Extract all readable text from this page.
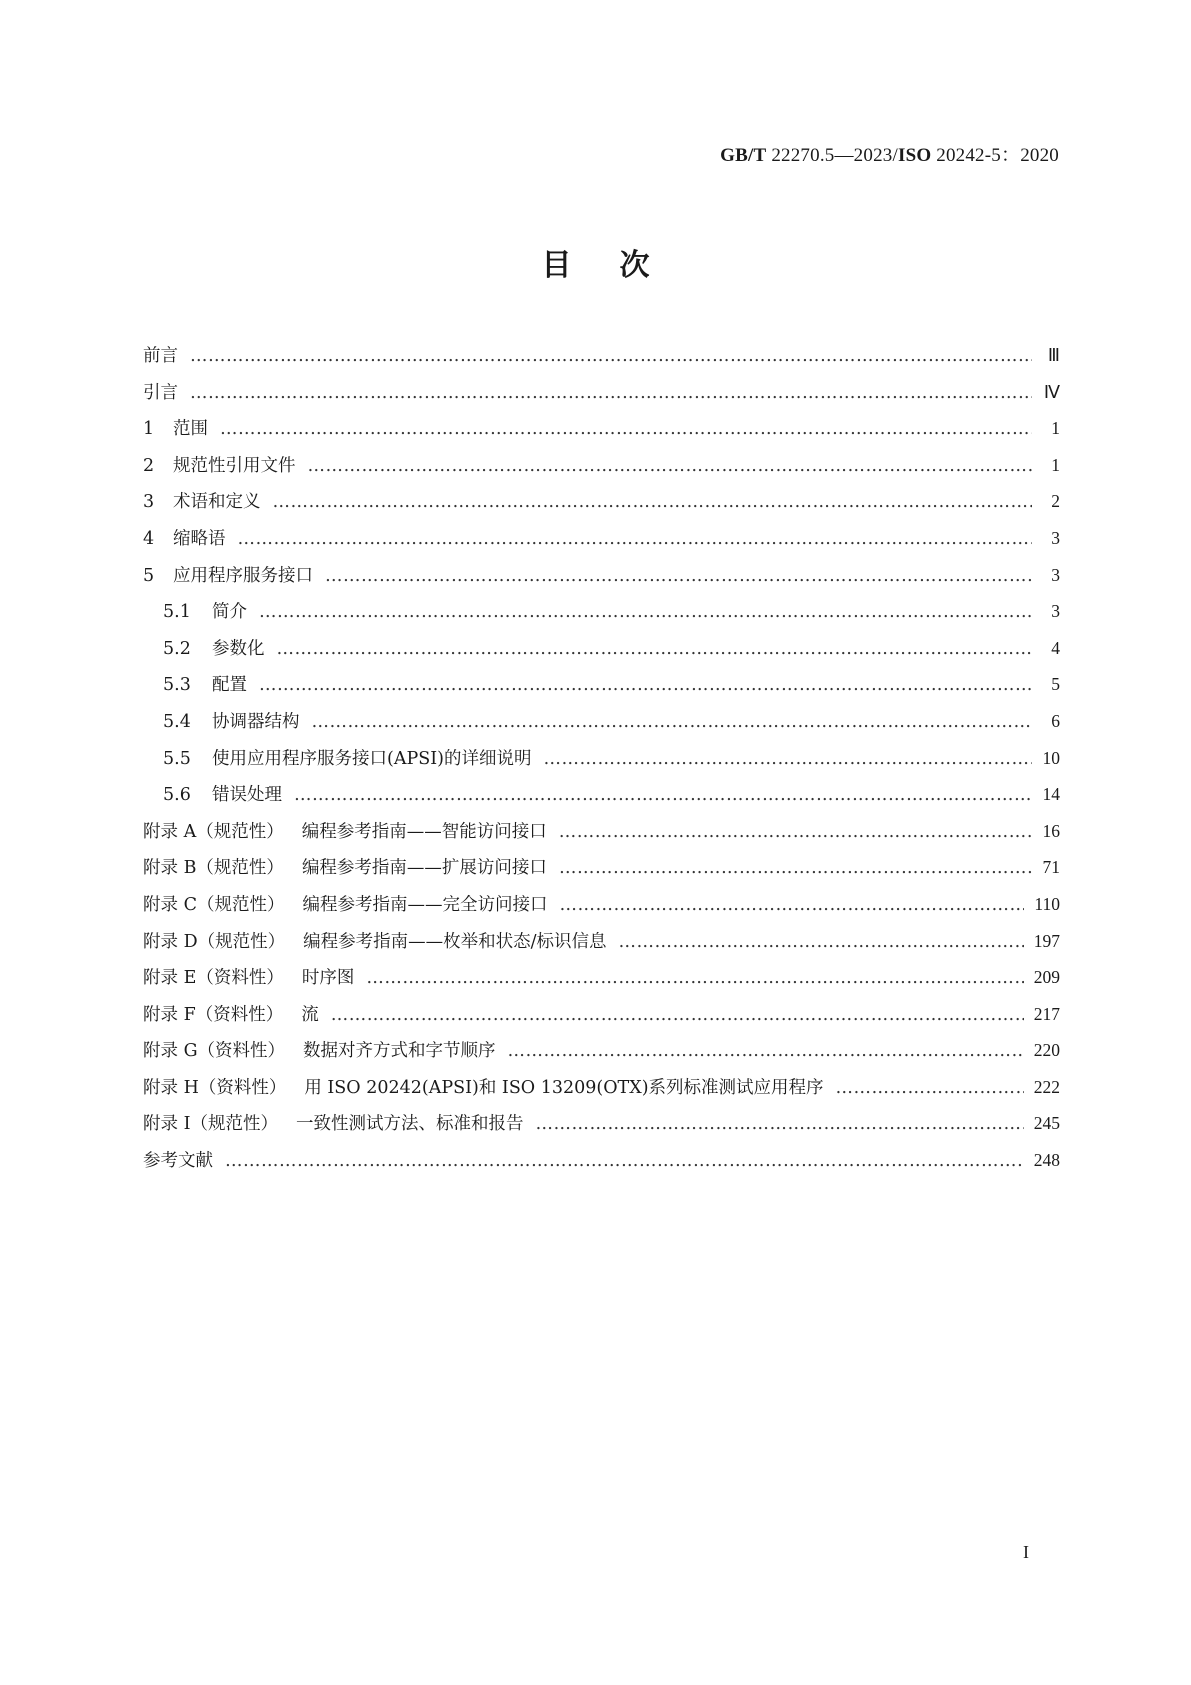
GB/T 22270.5—2023/ISO 20242-5：2020
目次
前言 ……………………………………………………………………………………………………………………………………………………………………………………………………………………………………	Ⅲ
引言 ……………………………………………………………………………………………………………………………………………………………………………………………………………………………………	Ⅳ
1 范围 ……………………………………………………………………………………………………………………………………………………………………………………………………………………………………	1
2 规范性引用文件 ……………………………………………………………………………………………………………………………………………………………………………………………………………………………………	1
3 术语和定义 ……………………………………………………………………………………………………………………………………………………………………………………………………………………………………	2
4 缩略语 ……………………………………………………………………………………………………………………………………………………………………………………………………………………………………	3
5 应用程序服务接口 ……………………………………………………………………………………………………………………………………………………………………………………………………………………………………	3
5.1 简介 ……………………………………………………………………………………………………………………………………………………………………………………………………………………………………	3
5.2 参数化 ……………………………………………………………………………………………………………………………………………………………………………………………………………………………………	4
5.3 配置 ……………………………………………………………………………………………………………………………………………………………………………………………………………………………………	5
5.4 协调器结构 ……………………………………………………………………………………………………………………………………………………………………………………………………………………………………	6
5.5 使用应用程序服务接口(APSI)的详细说明 ……………………………………………………………………………………………………………………………………………………………………………………………………………………………………	10
5.6 错误处理 ……………………………………………………………………………………………………………………………………………………………………………………………………………………………………	14
附录 A（规范性） 编程参考指南——智能访问接口 ……………………………………………………………………………………………………………………………………………………………………………………………………………………………………	16
附录 B（规范性） 编程参考指南——扩展访问接口 ……………………………………………………………………………………………………………………………………………………………………………………………………………………………………	71
附录 C（规范性） 编程参考指南——完全访问接口 ……………………………………………………………………………………………………………………………………………………………………………………………………………………………………	110
附录 D（规范性） 编程参考指南——枚举和状态/标识信息 ……………………………………………………………………………………………………………………………………………………………………………………………………………………………………	197
附录 E（资料性） 时序图 ……………………………………………………………………………………………………………………………………………………………………………………………………………………………………	209
附录 F（资料性） 流 ……………………………………………………………………………………………………………………………………………………………………………………………………………………………………	217
附录 G（资料性） 数据对齐方式和字节顺序 ……………………………………………………………………………………………………………………………………………………………………………………………………………………………………	220
附录 H（资料性） 用 ISO 20242(APSI)和 ISO 13209(OTX)系列标准测试应用程序 ……………………………………………………………………………………………………………………………………………………………………………………………………………………………………	222
附录 I（规范性） 一致性测试方法、标准和报告 ……………………………………………………………………………………………………………………………………………………………………………………………………………………………………	245
参考文献 ……………………………………………………………………………………………………………………………………………………………………………………………………………………………………	248
I
